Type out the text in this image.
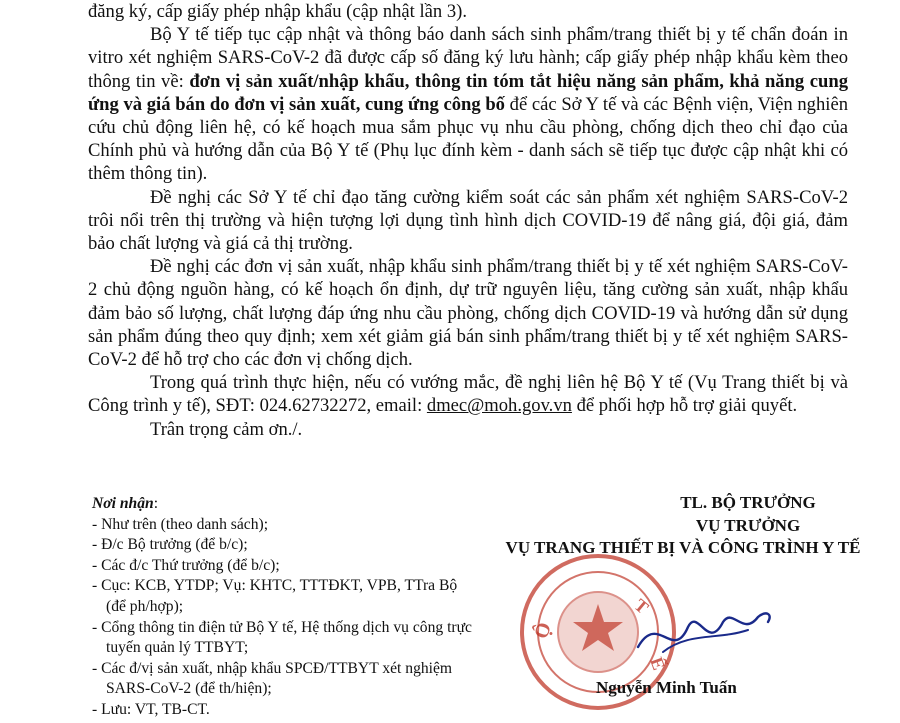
đăng ký, cấp giấy phép nhập khẩu (cập nhật lần 3).

Bộ Y tế tiếp tục cập nhật và thông báo danh sách sinh phẩm/trang thiết bị y tế chẩn đoán in vitro xét nghiệm SARS-CoV-2 đã được cấp số đăng ký lưu hành; cấp giấy phép nhập khẩu kèm theo thông tin về: đơn vị sản xuất/nhập khẩu, thông tin tóm tắt hiệu năng sản phẩm, khả năng cung ứng và giá bán do đơn vị sản xuất, cung ứng công bố để các Sở Y tế và các Bệnh viện, Viện nghiên cứu chủ động liên hệ, có kế hoạch mua sắm phục vụ nhu cầu phòng, chống dịch theo chỉ đạo của Chính phủ và hướng dẫn của Bộ Y tế (Phụ lục đính kèm - danh sách sẽ tiếp tục được cập nhật khi có thêm thông tin).

Đề nghị các Sở Y tế chỉ đạo tăng cường kiểm soát các sản phẩm xét nghiệm SARS-CoV-2 trôi nổi trên thị trường và hiện tượng lợi dụng tình hình dịch COVID-19 để nâng giá, đội giá, đảm bảo chất lượng và giá cả thị trường.

Đề nghị các đơn vị sản xuất, nhập khẩu sinh phẩm/trang thiết bị y tế xét nghiệm SARS-CoV-2 chủ động nguồn hàng, có kế hoạch ổn định, dự trữ nguyên liệu, tăng cường sản xuất, nhập khẩu đảm bảo số lượng, chất lượng đáp ứng nhu cầu phòng, chống dịch COVID-19 và hướng dẫn sử dụng sản phẩm đúng theo quy định; xem xét giảm giá bán sinh phẩm/trang thiết bị y tế xét nghiệm SARS-CoV-2 để hỗ trợ cho các đơn vị chống dịch.

Trong quá trình thực hiện, nếu có vướng mắc, đề nghị liên hệ Bộ Y tế (Vụ Trang thiết bị và Công trình y tế), SĐT: 024.62732272, email: dmec@moh.gov.vn để phối hợp hỗ trợ giải quyết.

Trân trọng cảm ơn./.

Nơi nhận:
- Như trên (theo danh sách);
- Đ/c Bộ trưởng (để b/c);
- Các đ/c Thứ trưởng (để b/c);
- Cục: KCB, YTDP; Vụ: KHTC, TTTĐKT, VPB, TTra Bộ (để ph/hợp);
- Cổng thông tin điện tử Bộ Y tế, Hệ thống dịch vụ công trực tuyến quản lý TTBYT;
- Các đ/vị sản xuất, nhập khẩu SPCĐ/TTBYT xét nghiệm SARS-CoV-2 (để th/hiện);
- Lưu: VT, TB-CT.
TL. BỘ TRƯỞNG
VỤ TRƯỞNG
VỤ TRANG THIẾT BỊ VÀ CÔNG TRÌNH Y TẾ
Ộ
T
Ế
Nguyễn Minh Tuấn
